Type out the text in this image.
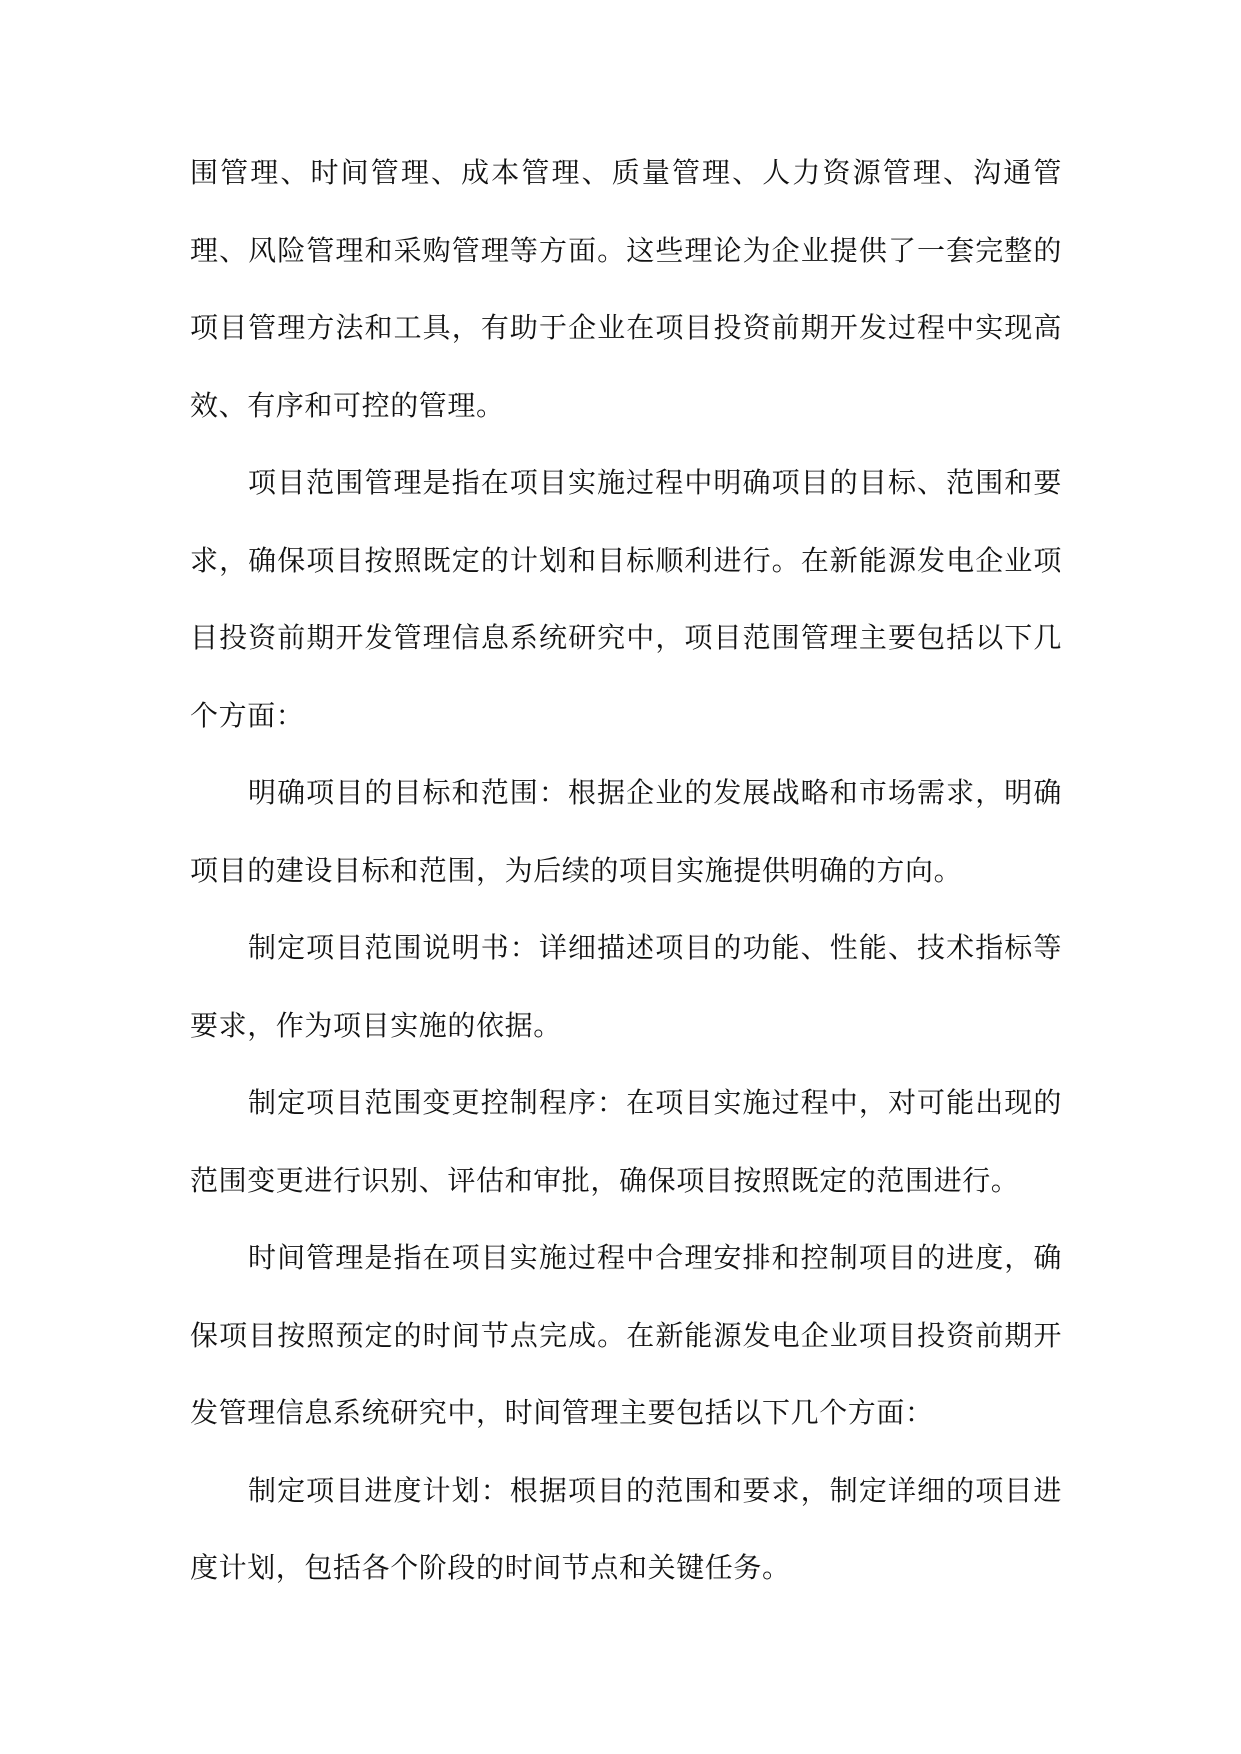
围管理、时间管理、成本管理、质量管理、人力资源管理、沟通管理、风险管理和采购管理等方面。这些理论为企业提供了一套完整的项目管理方法和工具，有助于企业在项目投资前期开发过程中实现高效、有序和可控的管理。

项目范围管理是指在项目实施过程中明确项目的目标、范围和要求，确保项目按照既定的计划和目标顺利进行。在新能源发电企业项目投资前期开发管理信息系统研究中，项目范围管理主要包括以下几个方面：

明确项目的目标和范围：根据企业的发展战略和市场需求，明确项目的建设目标和范围，为后续的项目实施提供明确的方向。

制定项目范围说明书：详细描述项目的功能、性能、技术指标等要求，作为项目实施的依据。

制定项目范围变更控制程序：在项目实施过程中，对可能出现的范围变更进行识别、评估和审批，确保项目按照既定的范围进行。

时间管理是指在项目实施过程中合理安排和控制项目的进度，确保项目按照预定的时间节点完成。在新能源发电企业项目投资前期开发管理信息系统研究中，时间管理主要包括以下几个方面：

制定项目进度计划：根据项目的范围和要求，制定详细的项目进度计划，包括各个阶段的时间节点和关键任务。
